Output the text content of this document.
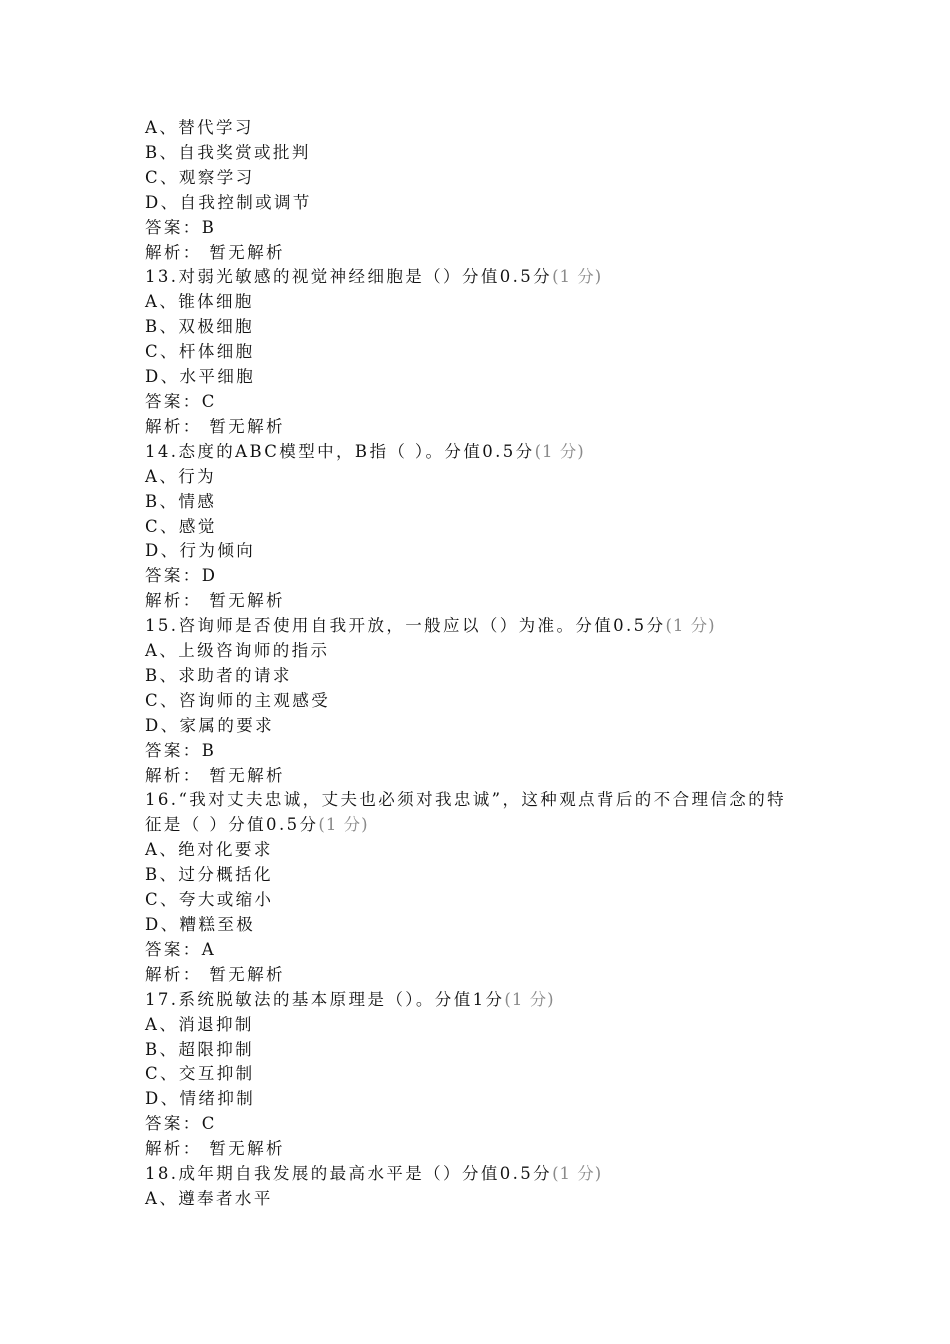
A、替代学习
B、自我奖赏或批判
C、观察学习
D、自我控制或调节
答案：B
解析： 暂无解析
13.对弱光敏感的视觉神经细胞是（）分值0.5分(1 分)
A、锥体细胞
B、双极细胞
C、杆体细胞
D、水平细胞
答案：C
解析： 暂无解析
14.态度的ABC模型中，B指（ ）。分值0.5分(1 分)
A、行为
B、情感
C、感觉
D、行为倾向
答案：D
解析： 暂无解析
15.咨询师是否使用自我开放，一般应以（）为准。分值0.5分(1 分)
A、上级咨询师的指示
B、求助者的请求
C、咨询师的主观感受
D、家属的要求
答案：B
解析： 暂无解析
16.“我对丈夫忠诚，丈夫也必须对我忠诚”，这种观点背后的不合理信念的特
征是（ ）分值0.5分(1 分)
A、绝对化要求
B、过分概括化
C、夸大或缩小
D、糟糕至极
答案：A
解析： 暂无解析
17.系统脱敏法的基本原理是（）。分值1分(1 分)
A、消退抑制
B、超限抑制
C、交互抑制
D、情绪抑制
答案：C
解析： 暂无解析
18.成年期自我发展的最高水平是（）分值0.5分(1 分)
A、遵奉者水平
